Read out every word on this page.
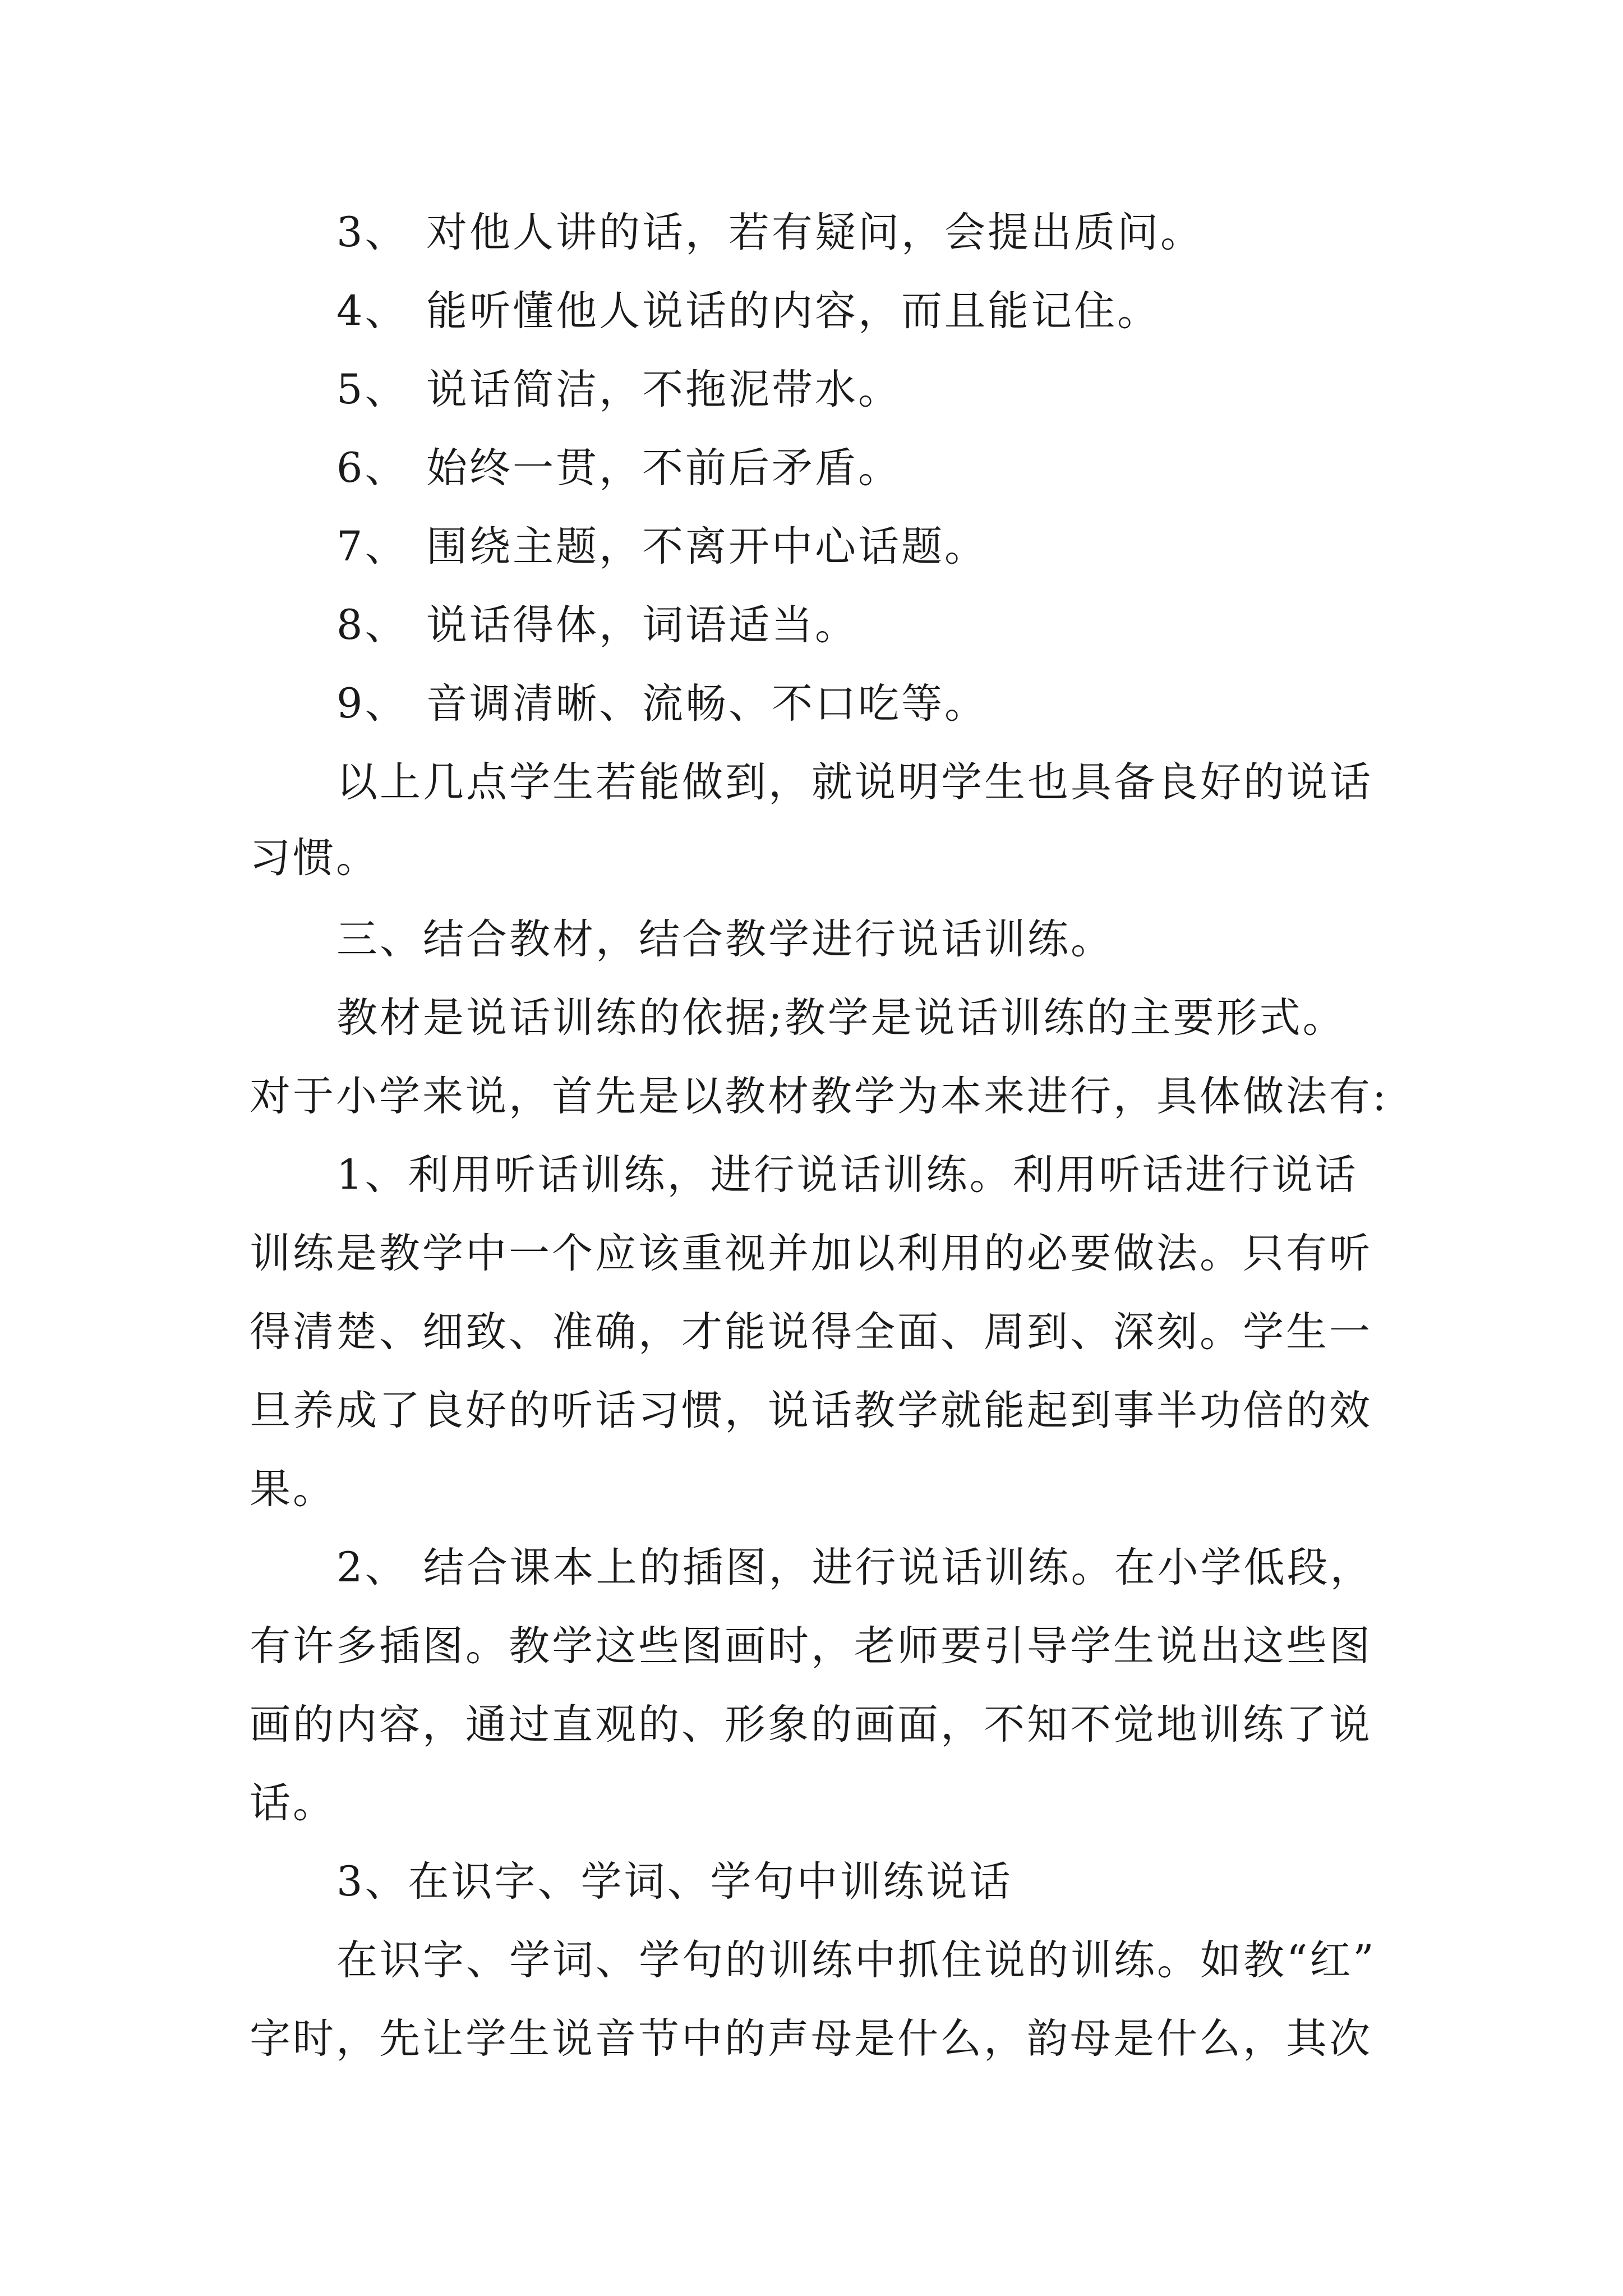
3、 对他人讲的话，若有疑问，会提出质问。
4、 能听懂他人说话的内容，而且能记住。
5、 说话简洁，不拖泥带水。
6、 始终一贯，不前后矛盾。
7、 围绕主题，不离开中心话题。
8、 说话得体，词语适当。
9、 音调清晰、流畅、不口吃等。
以上几点学生若能做到，就说明学生也具备良好的说话
习惯。
三、结合教材，结合教学进行说话训练。
教材是说话训练的依据;教学是说话训练的主要形式。
对于小学来说，首先是以教材教学为本来进行，具体做法有:
1、利用听话训练，进行说话训练。利用听话进行说话
训练是教学中一个应该重视并加以利用的必要做法。只有听
得清楚、细致、准确，才能说得全面、周到、深刻。学生一
旦养成了良好的听话习惯，说话教学就能起到事半功倍的效
果。
2、 结合课本上的插图，进行说话训练。在小学低段，
有许多插图。教学这些图画时，老师要引导学生说出这些图
画的内容，通过直观的、形象的画面，不知不觉地训练了说
话。
3、在识字、学词、学句中训练说话
在识字、学词、学句的训练中抓住说的训练。如教“红”
字时，先让学生说音节中的声母是什么，韵母是什么，其次
